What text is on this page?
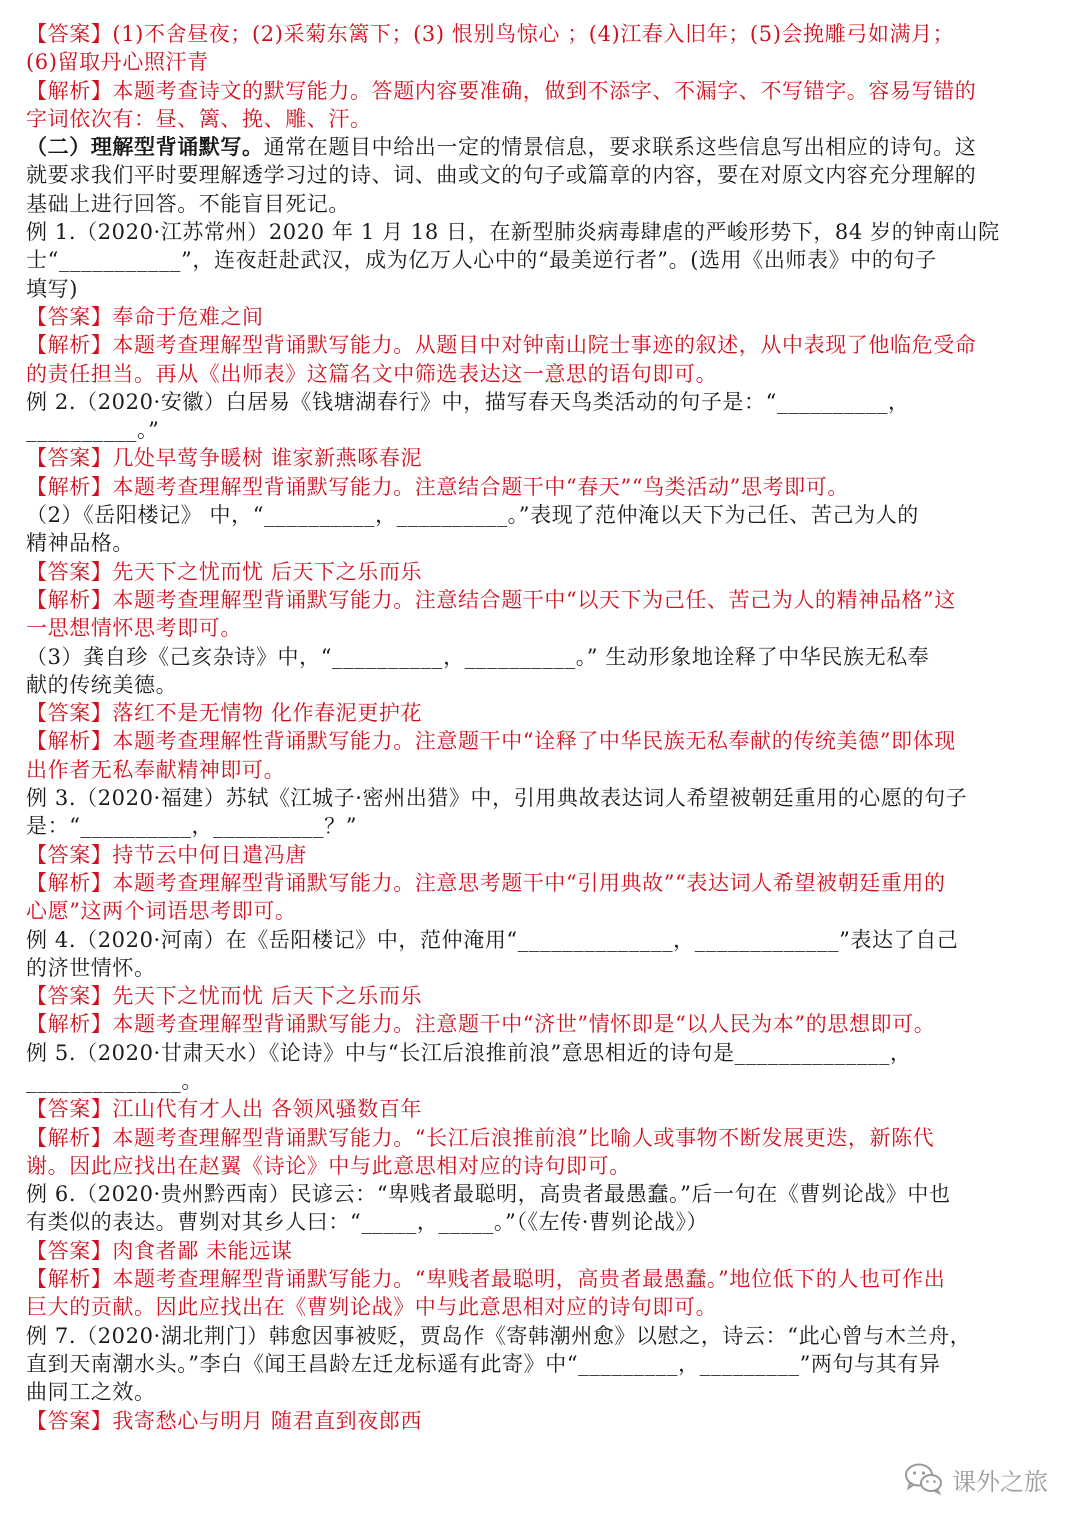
【答案】(1)不舍昼夜；(2)采菊东篱下；(3) 恨别鸟惊心 ；(4)江春入旧年；(5)会挽雕弓如满月；
(6)留取丹心照汗青
【解析】本题考查诗文的默写能力。答题内容要准确，做到不添字、不漏字、不写错字。容易写错的
字词依次有：昼、篱、挽、雕、汗。
（二）理解型背诵默写。通常在题目中给出一定的情景信息，要求联系这些信息写出相应的诗句。这
就要求我们平时要理解透学习过的诗、词、曲或文的句子或篇章的内容，要在对原文内容充分理解的
基础上进行回答。不能盲目死记。
例 1.（2020·江苏常州）2020 年 1 月 18 日，在新型肺炎病毒肆虐的严峻形势下，84 岁的钟南山院
士“___________”，连夜赶赴武汉，成为亿万人心中的“最美逆行者”。(选用《出师表》中的句子
填写)
【答案】奉命于危难之间
【解析】本题考查理解型背诵默写能力。从题目中对钟南山院士事迹的叙述，从中表现了他临危受命
的责任担当。再从《出师表》这篇名文中筛选表达这一意思的语句即可。
例 2.（2020·安徽）白居易《钱塘湖春行》中，描写春天鸟类活动的句子是：“__________，
__________。”
【答案】几处早莺争暖树 谁家新燕啄春泥
【解析】本题考查理解型背诵默写能力。注意结合题干中“春天”“鸟类活动”思考即可。
（2）《岳阳楼记》 中，“__________，__________。”表现了范仲淹以天下为己任、苦己为人的
精神品格。
【答案】先天下之忧而忧 后天下之乐而乐
【解析】本题考查理解型背诵默写能力。注意结合题干中“以天下为己任、苦己为人的精神品格”这
一思想情怀思考即可。
（3）龚自珍《己亥杂诗》中，“__________，__________。” 生动形象地诠释了中华民族无私奉
献的传统美德。
【答案】落红不是无情物 化作春泥更护花
【解析】本题考查理解性背诵默写能力。注意题干中“诠释了中华民族无私奉献的传统美德”即体现
出作者无私奉献精神即可。
例 3.（2020·福建）苏轼《江城子·密州出猎》中，引用典故表达词人希望被朝廷重用的心愿的句子
是：“__________，__________？”
【答案】持节云中何日遣冯唐
【解析】本题考查理解型背诵默写能力。注意思考题干中“引用典故”“表达词人希望被朝廷重用的
心愿”这两个词语思考即可。
例 4.（2020·河南）在《岳阳楼记》中，范仲淹用“______________，_____________”表达了自己
的济世情怀。
【答案】先天下之忧而忧 后天下之乐而乐
【解析】本题考查理解型背诵默写能力。注意题干中“济世”情怀即是“以人民为本”的思想即可。
例 5.（2020·甘肃天水）《论诗》中与“长江后浪推前浪”意思相近的诗句是______________，
______________。
【答案】江山代有才人出 各领风骚数百年
【解析】本题考查理解型背诵默写能力。“长江后浪推前浪”比喻人或事物不断发展更迭，新陈代
谢。因此应找出在赵翼《诗论》中与此意思相对应的诗句即可。
例 6.（2020·贵州黔西南）民谚云：“卑贱者最聪明，高贵者最愚蠢。”后一句在《曹刿论战》中也
有类似的表达。曹刿对其乡人曰：“_____，_____。”（《左传·曹刿论战》）
【答案】肉食者鄙 未能远谋
【解析】本题考查理解型背诵默写能力。“卑贱者最聪明，高贵者最愚蠢。”地位低下的人也可作出
巨大的贡献。因此应找出在《曹刿论战》中与此意思相对应的诗句即可。
例 7.（2020·湖北荆门）韩愈因事被贬，贾岛作《寄韩潮州愈》以慰之，诗云：“此心曾与木兰舟，
直到天南潮水头。”李白《闻王昌龄左迁龙标遥有此寄》中“_________，_________”两句与其有异
曲同工之效。
【答案】我寄愁心与明月 随君直到夜郎西
课外之旅
